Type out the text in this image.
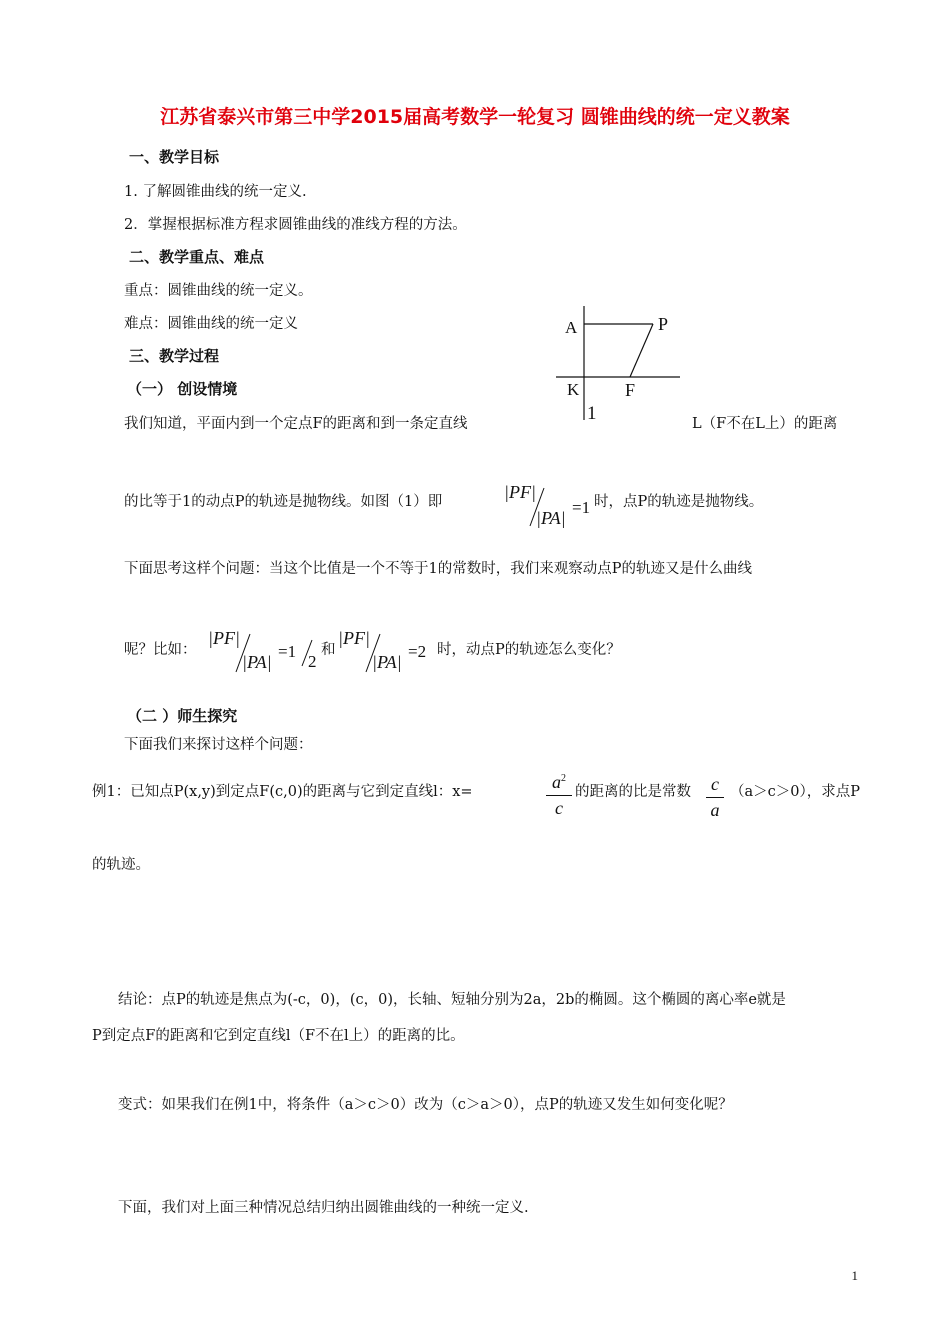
江苏省泰兴市第三中学2015届高考数学一轮复习 圆锥曲线的统一定义教案
一、教学目标
1. 了解圆锥曲线的统一定义.
2．掌握根据标准方程求圆锥曲线的准线方程的方法。
二、教学重点、难点
重点：圆锥曲线的统一定义。
难点：圆锥曲线的统一定义
三、教学过程
（一） 创设情境
A	P
K	F
1
我们知道，平面内到一个定点F的距离和到一条定直线	L（F不在L上）的距离
的比等于1的动点P的轨迹是抛物线。如图（1）即	|PF|
|PA|
=1 时，点P的轨迹是抛物线。
下面思考这样个问题：当这个比值是一个不等于1的常数时，我们来观察动点P的轨迹又是什么曲线
呢？比如：
|PF|
|PA|
=1
2
和
|PF|
|PA|
=2 时，动点P的轨迹怎么变化？
（二 ）师生探究
下面我们来探讨这样个问题：
例1：已知点P(x,y)到定点F(c,0)的距离与它到定直线l：x=	$a^2$
c
的距离的比是常数 $\frac{c}{a} (a>c>0)$，求点P
的轨迹。
结论：点P的轨迹是焦点为(-c，0)，(c，0)，长轴、短轴分别为2a，2b的椭圆。这个椭圆的离心率e就是
P到定点F的距离和它到定直线l（F不在l上）的距离的比。
变式：如果我们在例1中，将条件（a＞c＞0）改为（c＞a＞0），点P的轨迹又发生如何变化呢？
下面，我们对上面三种情况总结归纳出圆锥曲线的一种统一定义.
1
